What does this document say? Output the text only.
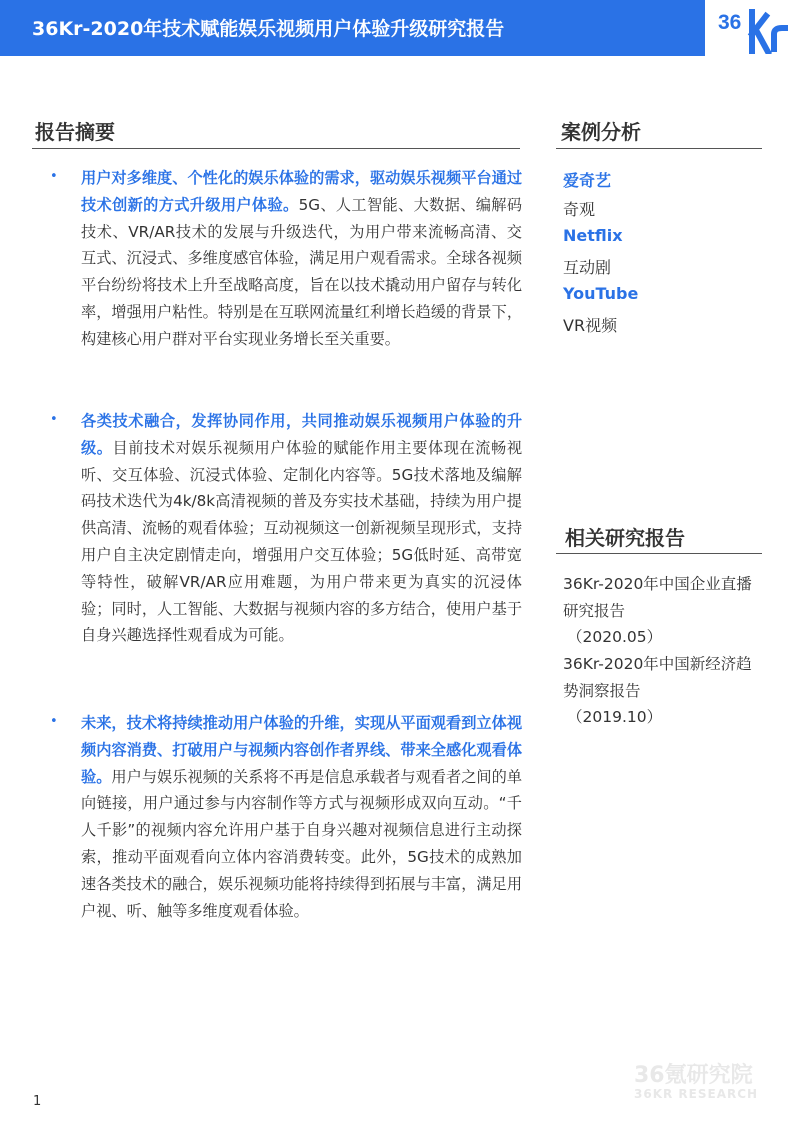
36Kr-2020年技术赋能娱乐视频用户体验升级研究报告	36
报告摘要
• 用户对多维度、个性化的娱乐体验的需求，驱动娱乐视频平台通过技术创新的方式升级用户体验。5G、人工智能、大数据、编解码技术、VR/AR技术的发展与升级迭代，为用户带来流畅高清、交互式、沉浸式、多维度感官体验，满足用户观看需求。全球各视频平台纷纷将技术上升至战略高度，旨在以技术撬动用户留存与转化率，增强用户粘性。特别是在互联网流量红利增长趋缓的背景下，构建核心用户群对平台实现业务增长至关重要。
• 各类技术融合，发挥协同作用，共同推动娱乐视频用户体验的升级。目前技术对娱乐视频用户体验的赋能作用主要体现在流畅视听、交互体验、沉浸式体验、定制化内容等。5G技术落地及编解码技术迭代为4k/8k高清视频的普及夯实技术基础，持续为用户提供高清、流畅的观看体验；互动视频这一创新视频呈现形式，支持用户自主决定剧情走向，增强用户交互体验；5G低时延、高带宽等特性，破解VR/AR应用难题，为用户带来更为真实的沉浸体验；同时，人工智能、大数据与视频内容的多方结合，使用户基于自身兴趣选择性观看成为可能。
• 未来，技术将持续推动用户体验的升维，实现从平面观看到立体视频内容消费、打破用户与视频内容创作者界线、带来全感化观看体验。用户与娱乐视频的关系将不再是信息承载者与观看者之间的单向链接，用户通过参与内容制作等方式与视频形成双向互动。“千人千影”的视频内容允许用户基于自身兴趣对视频信息进行主动探索，推动平面观看向立体内容消费转变。此外，5G技术的成熟加速各类技术的融合，娱乐视频功能将持续得到拓展与丰富，满足用户视、听、触等多维度观看体验。
案例分析
爱奇艺
奇观
Netflix
互动剧
YouTube
VR视频
相关研究报告
36Kr-2020年中国企业直播研究报告
（2020.05）
36Kr-2020年中国新经济趋势洞察报告
（2019.10）
36氪研究院
36KR RESEARCH
1
